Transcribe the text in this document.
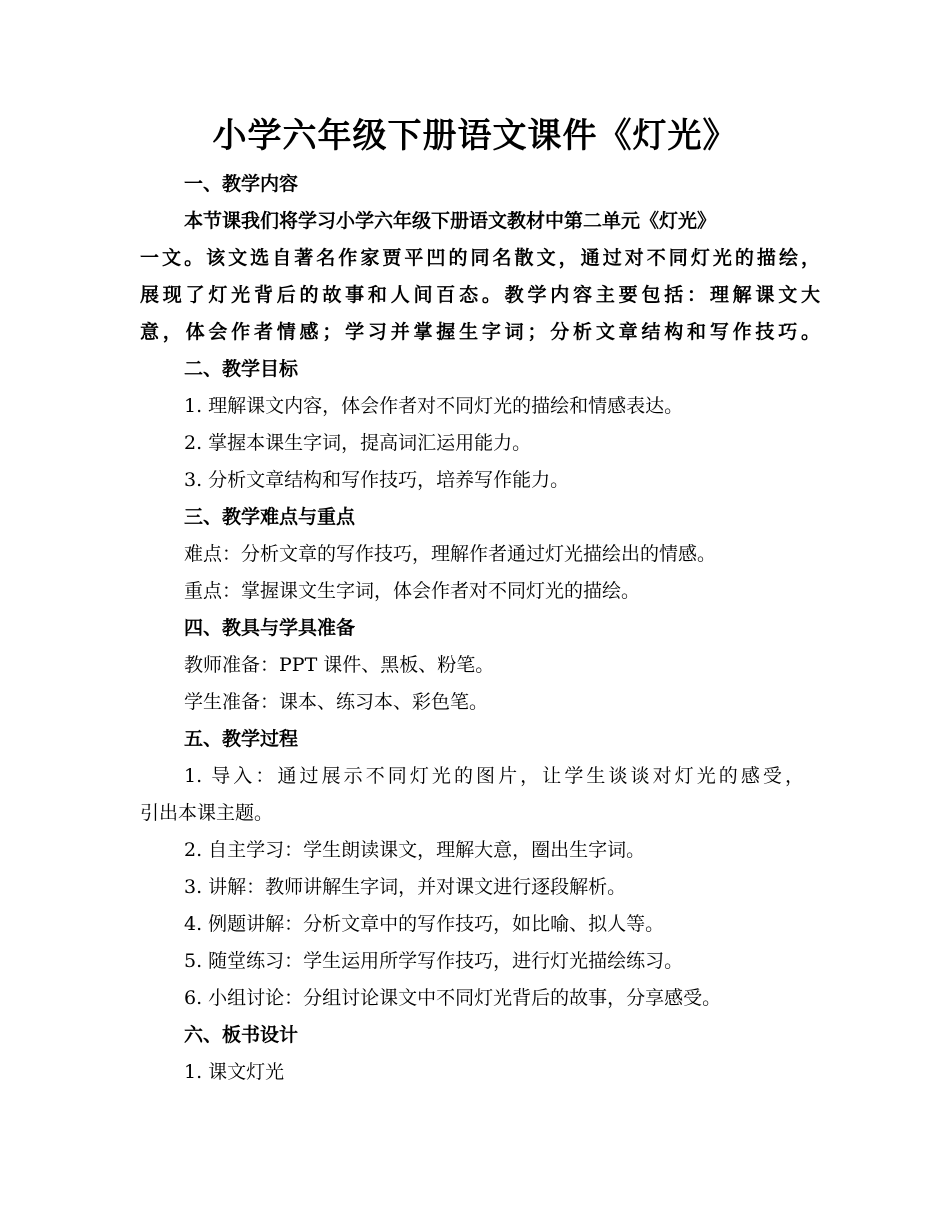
小学六年级下册语文课件《灯光》
一、教学内容
本节课我们将学习小学六年级下册语文教材中第二单元《灯光》
一文。该文选自著名作家贾平凹的同名散文，通过对不同灯光的描绘，
展现了灯光背后的故事和人间百态。教学内容主要包括：理解课文大
意，体会作者情感；学习并掌握生字词；分析文章结构和写作技巧。
二、教学目标
1. 理解课文内容，体会作者对不同灯光的描绘和情感表达。
2. 掌握本课生字词，提高词汇运用能力。
3. 分析文章结构和写作技巧，培养写作能力。
三、教学难点与重点
难点：分析文章的写作技巧，理解作者通过灯光描绘出的情感。
重点：掌握课文生字词，体会作者对不同灯光的描绘。
四、教具与学具准备
教师准备：PPT 课件、黑板、粉笔。
学生准备：课本、练习本、彩色笔。
五、教学过程
1. 导入：通过展示不同灯光的图片，让学生谈谈对灯光的感受，
引出本课主题。
2. 自主学习：学生朗读课文，理解大意，圈出生字词。
3. 讲解：教师讲解生字词，并对课文进行逐段解析。
4. 例题讲解：分析文章中的写作技巧，如比喻、拟人等。
5. 随堂练习：学生运用所学写作技巧，进行灯光描绘练习。
6. 小组讨论：分组讨论课文中不同灯光背后的故事，分享感受。
六、板书设计
1. 课文灯光
